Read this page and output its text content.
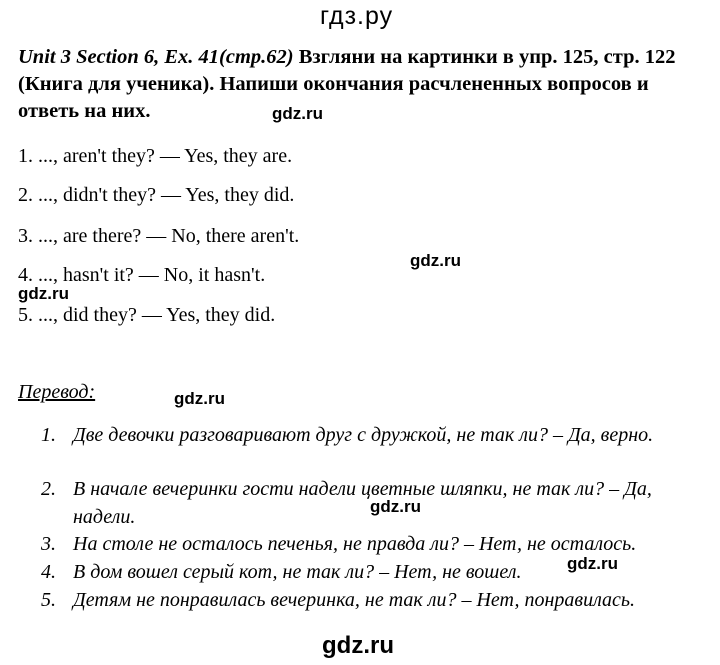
гдз.ру
Unit 3 Section 6, Ex. 41(стр.62) Взгляни на картинки в упр. 125, стр. 122 (Книга для ученика). Напиши окончания расчлененных вопросов и ответь на них.	gdz.ru
1. ..., aren't they? — Yes, they are.
2. ..., didn't they? — Yes, they did.
3. ..., are there? — No, there aren't.
4. ..., hasn't it? — No, it hasn't.
5. ..., did they? — Yes, they did.
gdz.ru
gdz.ru
Перевод:	gdz.ru
1. Две девочки разговаривают друг с дружкой, не так ли? – Да, верно.
2. В начале вечеринки гости надели цветные шляпки, не так ли? – Да, надели.
3. На столе не осталось печенья, не правда ли? – Нет, не осталось.
4. В дом вошел серый кот, не так ли? – Нет, не вошел.
5. Детям не понравилась вечеринка, не так ли? – Нет, понравилась.
gdz.ru
gdz.ru
gdz.ru
